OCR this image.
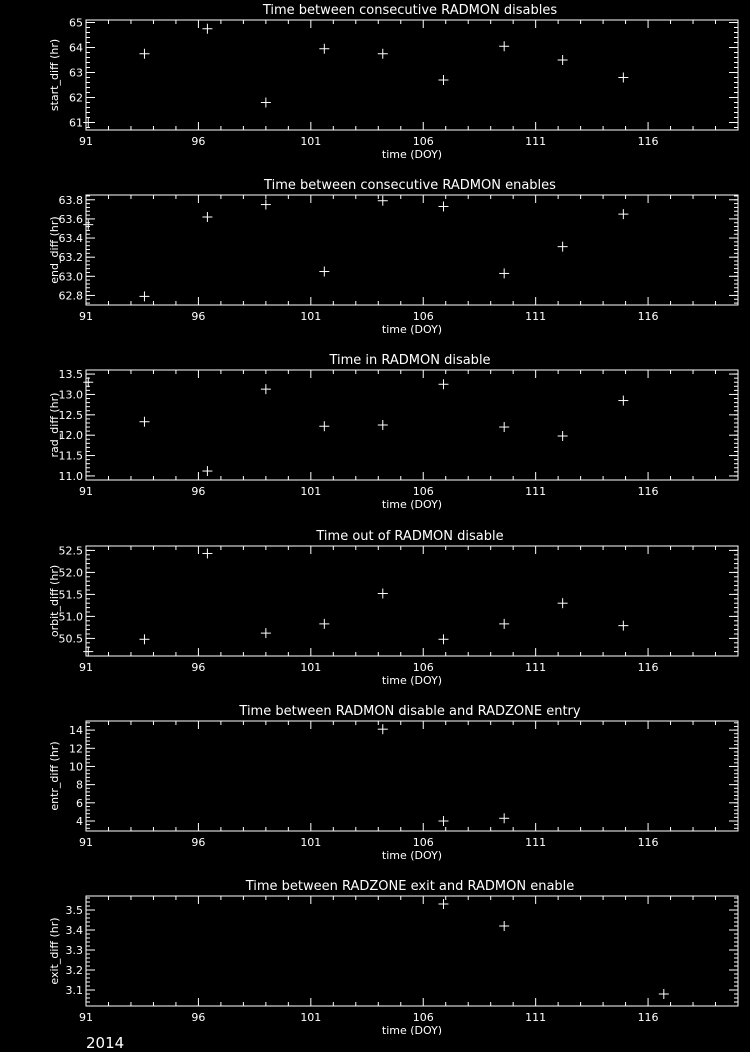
61
62
63
64
65
91	96	101	106	111	116
Time between consecutive RADMON disables
time (DOY)
start_diff (hr)
62.8
63.0
63.2
63.4
63.6
63.8
91	96	101	106	111	116
Time between consecutive RADMON enables
time (DOY)
end_diff (hr)
11.0
11.5
12.0
12.5
13.0
13.5
91	96	101	106	111	116
Time in RADMON disable
time (DOY)
rad_diff (hr)
50.5
51.0
51.5
52.0
52.5
91	96	101	106	111	116
Time out of RADMON disable
time (DOY)
orbit_diff (hr)
4
6
8
10
12
14
91	96	101	106	111	116
Time between RADMON disable and RADZONE entry
time (DOY)
entr_diff (hr)
3.1
3.2
3.3
3.4
3.5
91	96	101	106	111	116
Time between RADZONE exit and RADMON enable
time (DOY)
exit_diff (hr)
2014
